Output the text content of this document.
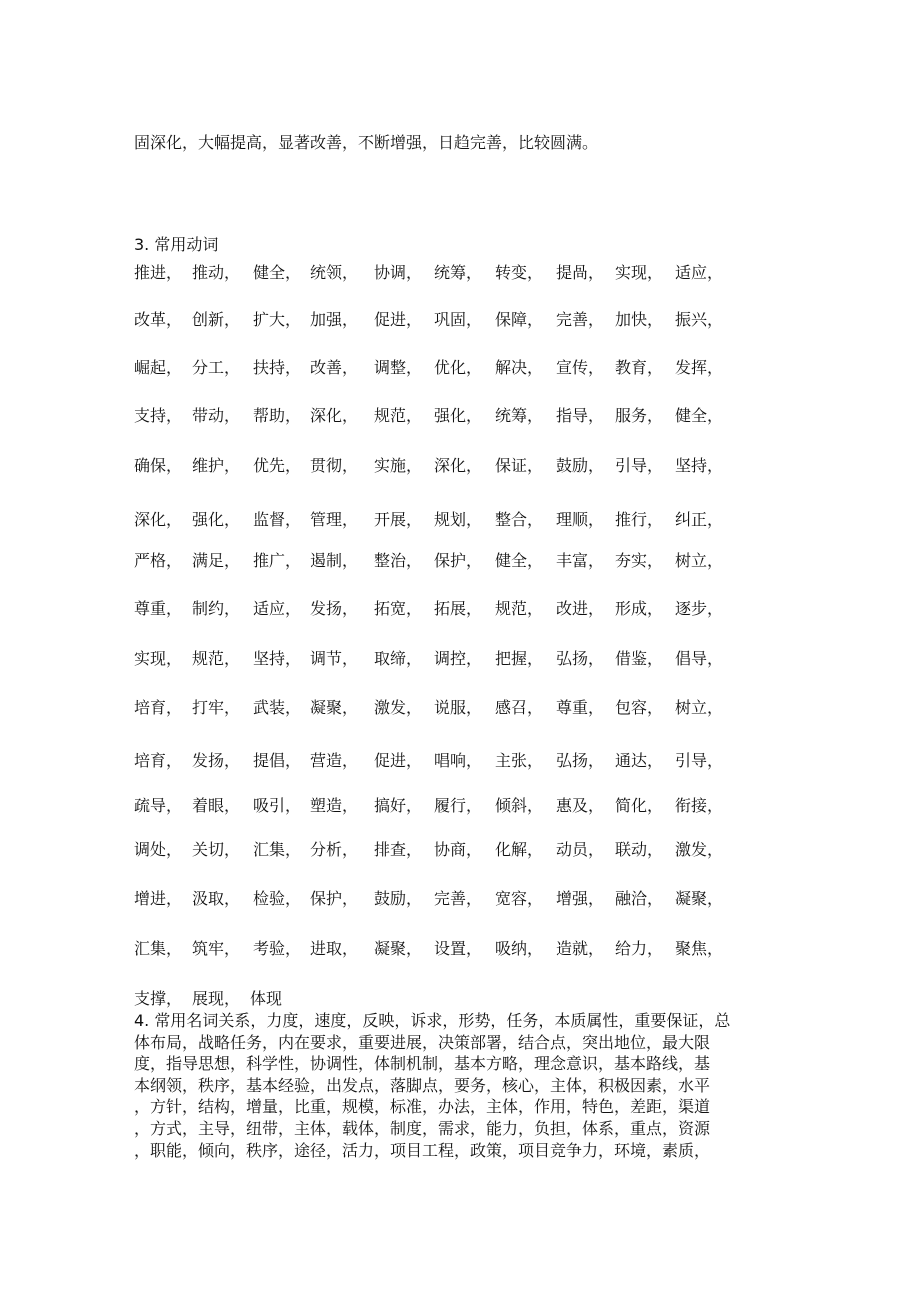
固深化，大幅提高，显著改善，不断增强，日趋完善，比较圆满。
3. 常用动词
推进， 推动， 健全， 统领， 协调， 统筹， 转变， 提咼， 实现， 适应，
改革， 创新， 扩大， 加强， 促进， 巩固， 保障， 完善， 加快， 振兴，
崛起， 分工， 扶持， 改善， 调整， 优化， 解决， 宣传， 教育， 发挥，
支持， 带动， 帮助， 深化， 规范， 强化， 统筹， 指导， 服务， 健全，
确保， 维护， 优先， 贯彻， 实施， 深化， 保证， 鼓励， 引导， 坚持，
深化， 强化， 监督， 管理， 开展， 规划， 整合， 理顺， 推行， 纠正，
严格， 满足， 推广， 遏制， 整治， 保护， 健全， 丰富， 夯实， 树立，
尊重， 制约， 适应， 发扬， 拓宽， 拓展， 规范， 改进， 形成， 逐步，
实现， 规范， 坚持， 调节， 取缔， 调控， 把握， 弘扬， 借鉴， 倡导，
培育， 打牢， 武装， 凝聚， 激发， 说服， 感召， 尊重， 包容， 树立，
培育， 发扬， 提倡， 营造， 促进， 唱响， 主张， 弘扬， 通达， 引导，
疏导， 着眼， 吸引， 塑造， 搞好， 履行， 倾斜， 惠及， 简化， 衔接，
调处， 关切， 汇集， 分析， 排查， 协商， 化解， 动员， 联动， 激发，
增进， 汲取， 检验， 保护， 鼓励， 完善， 宽容， 增强， 融洽， 凝聚，
汇集， 筑牢， 考验， 进取， 凝聚， 设置， 吸纳， 造就， 给力， 聚焦，
支撑， 展现， 体现
4. 常用名词关系，力度，速度，反映，诉求，形势，任务，本质属性，重要保证，总
体布局，战略任务，内在要求，重要进展，决策部署，结合点，突出地位，最大限
度，指导思想，科学性，协调性，体制机制，基本方略，理念意识，基本路线，基
本纲领，秩序，基本经验，出发点，落脚点，要务，核心，主体，积极因素，水平
，方针，结构，增量，比重，规模，标准，办法，主体，作用，特色，差距，渠道
，方式，主导，纽带，主体，载体，制度，需求，能力，负担，体系，重点，资源
，职能，倾向，秩序，途径，活力，项目工程，政策，项目竞争力，环境，素质，
